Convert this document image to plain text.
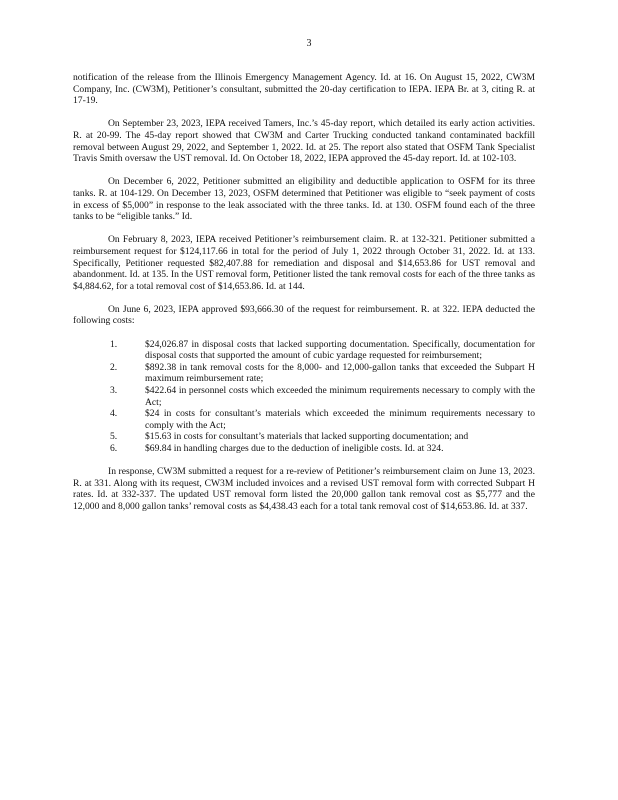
3

notification of the release from the Illinois Emergency Management Agency. Id. at 16. On August 15, 2022, CW3M Company, Inc. (CW3M), Petitioner’s consultant, submitted the 20-day certification to IEPA. IEPA Br. at 3, citing R. at 17-19.

On September 23, 2023, IEPA received Tamers, Inc.’s 45-day report, which detailed its early action activities. R. at 20-99. The 45-day report showed that CW3M and Carter Trucking conducted tankand contaminated backfill removal between August 29, 2022, and September 1, 2022. Id. at 25. The report also stated that OSFM Tank Specialist Travis Smith oversaw the UST removal. Id. On October 18, 2022, IEPA approved the 45-day report. Id. at 102-103.

On December 6, 2022, Petitioner submitted an eligibility and deductible application to OSFM for its three tanks. R. at 104-129. On December 13, 2023, OSFM determined that Petitioner was eligible to “seek payment of costs in excess of $5,000” in response to the leak associated with the three tanks. Id. at 130. OSFM found each of the three tanks to be “eligible tanks.” Id.

On February 8, 2023, IEPA received Petitioner’s reimbursement claim. R. at 132-321. Petitioner submitted a reimbursement request for $124,117.66 in total for the period of July 1, 2022 through October 31, 2022. Id. at 133. Specifically, Petitioner requested $82,407.88 for remediation and disposal and $14,653.86 for UST removal and abandonment. Id. at 135. In the UST removal form, Petitioner listed the tank removal costs for each of the three tanks as $4,884.62, for a total removal cost of $14,653.86. Id. at 144.

On June 6, 2023, IEPA approved $93,666.30 of the request for reimbursement. R. at 322. IEPA deducted the following costs:

1.	$24,026.87 in disposal costs that lacked supporting documentation. Specifically, documentation for disposal costs that supported the amount of cubic yardage requested for reimbursement;
2.	$892.38 in tank removal costs for the 8,000- and 12,000-gallon tanks that exceeded the Subpart H maximum reimbursement rate;
3.	$422.64 in personnel costs which exceeded the minimum requirements necessary to comply with the Act;
4.	$24 in costs for consultant’s materials which exceeded the minimum requirements necessary to comply with the Act;
5.	$15.63 in costs for consultant’s materials that lacked supporting documentation; and
6.	$69.84 in handling charges due to the deduction of ineligible costs. Id. at 324.

In response, CW3M submitted a request for a re-review of Petitioner’s reimbursement claim on June 13, 2023. R. at 331. Along with its request, CW3M included invoices and a revised UST removal form with corrected Subpart H rates. Id. at 332-337. The updated UST removal form listed the 20,000 gallon tank removal cost as $5,777 and the 12,000 and 8,000 gallon tanks’ removal costs as $4,438.43 each for a total tank removal cost of $14,653.86. Id. at 337.
